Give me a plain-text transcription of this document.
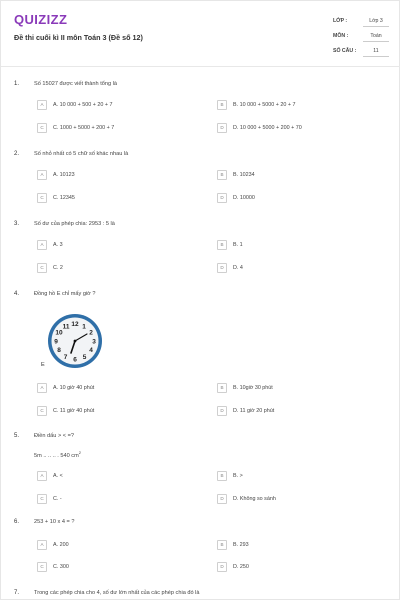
QUIZIZZ
Đề thi cuối kì II môn Toán 3 (Đề số 12)
LỚP :	Lớp 3
MÔN :	Toán
SỐ CÂU :	11
1.	Số 15027 được viết thành tổng là
A	A. 10 000 + 500 + 20 + 7	B	B. 10 000 + 5000 + 20 + 7
C	C. 1000 + 5000 + 200 + 7	D	D. 10 000 + 5000 + 200 + 70
2.	Số nhỏ nhất có 5 chữ số khác nhau là
A	A. 10123	B	B. 10234
C	C. 12345	D	D. 10000
3.	Số dư của phép chia: 2953 : 5 là
A	A. 3	B	B. 1
C	C. 2	D	D. 4
4.	Đồng hồ E chỉ mấy giờ ?
12 1
2
3
4
5
6
7
8
9
10
11
E
A	A. 10 giờ 40 phút	B	B. 10giờ 30 phút
C	C. 11 giờ 40 phút	D	D. 11 giờ 20 phút
5.	Điền dấu > < =?
5m .. .. .. . 540 $cm^2$
A	A. <	B	B. >
C	C. -	D	D. Không so sánh
6.	253 + 10 x 4 = ?
A	A. 200	B	B. 293
C	C. 300	D	D. 250
7.	Trong các phép chia cho 4, số dư lớn nhất của các phép chia đó là
